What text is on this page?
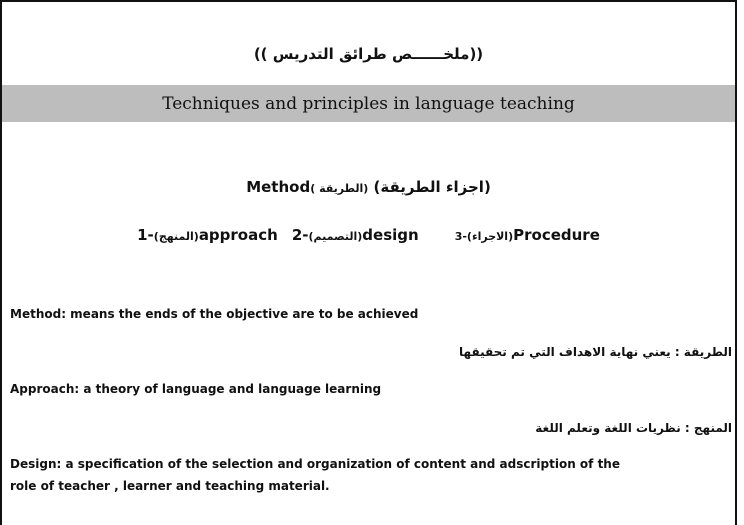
((ملخــــــص طرائق التدريس ))
Techniques and principles in language teaching
Method( الطريقة) (اجزاء الطريقة)
1-(المنهج)approach 2-(التصميم)design	3-(الاجراء)Procedure
Method: means the ends of the objective are to be achieved
الطريقة : يعني نهاية الاهداف التي تم تحقيقها
Approach: a theory of language and language learning
المنهج : نظريات اللغة وتعلم اللغة
Design: a specification of the selection and organization of content and adscription of the
role of teacher , learner and teaching material.
